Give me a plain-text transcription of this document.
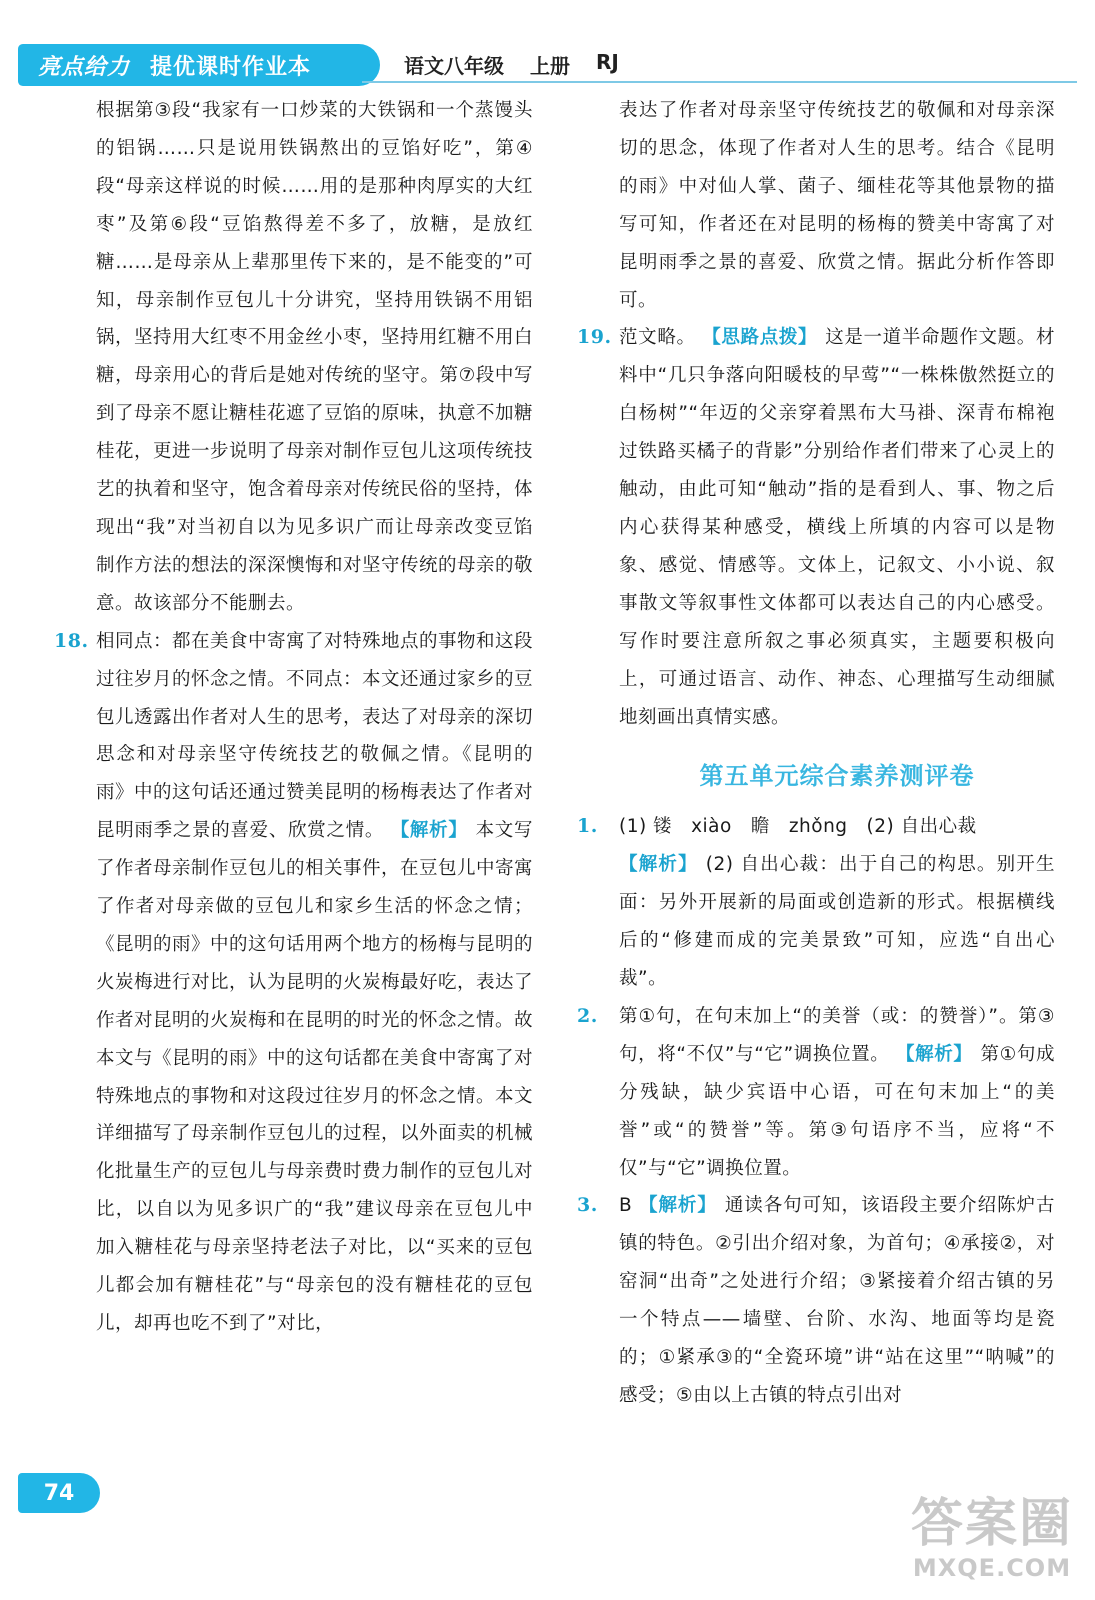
亮点给力 提优课时作业本	语文八年级 上册 RJ

根据第③段“我家有一口炒菜的大铁锅和一个蒸馒头的铝锅……只是说用铁锅熬出的豆馅好吃”，第④段“母亲这样说的时候……用的是那种肉厚实的大红枣”及第⑥段“豆馅熬得差不多了，放糖，是放红糖……是母亲从上辈那里传下来的，是不能变的”可知，母亲制作豆包儿十分讲究，坚持用铁锅不用铝锅，坚持用大红枣不用金丝小枣，坚持用红糖不用白糖，母亲用心的背后是她对传统的坚守。第⑦段中写到了母亲不愿让糖桂花遮了豆馅的原味，执意不加糖桂花，更进一步说明了母亲对制作豆包儿这项传统技艺的执着和坚守，饱含着母亲对传统民俗的坚持，体现出“我”对当初自以为见多识广而让母亲改变豆馅制作方法的想法的深深懊悔和对坚守传统的母亲的敬意。故该部分不能删去。

18. 相同点：都在美食中寄寓了对特殊地点的事物和这段过往岁月的怀念之情。不同点：本文还通过家乡的豆包儿透露出作者对人生的思考，表达了对母亲的深切思念和对母亲坚守传统技艺的敬佩之情。《昆明的雨》中的这句话还通过赞美昆明的杨梅表达了作者对昆明雨季之景的喜爱、欣赏之情。 【解析】 本文写了作者母亲制作豆包儿的相关事件，在豆包儿中寄寓了作者对母亲做的豆包儿和家乡生活的怀念之情；《昆明的雨》中的这句话用两个地方的杨梅与昆明的火炭梅进行对比，认为昆明的火炭梅最好吃，表达了作者对昆明的火炭梅和在昆明的时光的怀念之情。故本文与《昆明的雨》中的这句话都在美食中寄寓了对特殊地点的事物和对这段过往岁月的怀念之情。本文详细描写了母亲制作豆包儿的过程，以外面卖的机械化批量生产的豆包儿与母亲费时费力制作的豆包儿对比，以自以为见多识广的“我”建议母亲在豆包儿中加入糖桂花与母亲坚持老法子对比，以“买来的豆包儿都会加有糖桂花”与“母亲包的没有糖桂花的豆包儿，却再也吃不到了”对比，

表达了作者对母亲坚守传统技艺的敬佩和对母亲深切的思念，体现了作者对人生的思考。结合《昆明的雨》中对仙人掌、菌子、缅桂花等其他景物的描写可知，作者还在对昆明的杨梅的赞美中寄寓了对昆明雨季之景的喜爱、欣赏之情。据此分析作答即可。

19. 范文略。 【思路点拨】 这是一道半命题作文题。材料中“几只争落向阳暖枝的早莺”“一株株傲然挺立的白杨树”“年迈的父亲穿着黑布大马褂、深青布棉袍过铁路买橘子的背影”分别给作者们带来了心灵上的触动，由此可知“触动”指的是看到人、事、物之后内心获得某种感受，横线上所填的内容可以是物象、感觉、情感等。文体上，记叙文、小小说、叙事散文等叙事性文体都可以表达自己的内心感受。写作时要注意所叙之事必须真实，主题要积极向上，可通过语言、动作、神态、心理描写生动细腻地刻画出真情实感。

第五单元综合素养测评卷

1. (1) 镂　xiào　瞻　zhǒng　(2) 自出心裁
【解析】 (2) 自出心裁：出于自己的构思。别开生面：另外开展新的局面或创造新的形式。根据横线后的“修建而成的完美景致”可知，应选“自出心裁”。

2. 第①句，在句末加上“的美誉（或：的赞誉）”。第③句，将“不仅”与“它”调换位置。 【解析】 第①句成分残缺，缺少宾语中心语，可在句末加上“的美誉”或“的赞誉”等。第③句语序不当，应将“不仅”与“它”调换位置。

3. B 【解析】 通读各句可知，该语段主要介绍陈炉古镇的特色。②引出介绍对象，为首句；④承接②，对窑洞“出奇”之处进行介绍；③紧接着介绍古镇的另一个特点——墙壁、台阶、水沟、地面等均是瓷的；①紧承③的“全瓷环境”讲“站在这里”“呐喊”的感受；⑤由以上古镇的特点引出对

74
答案圈
MXQE.COM
